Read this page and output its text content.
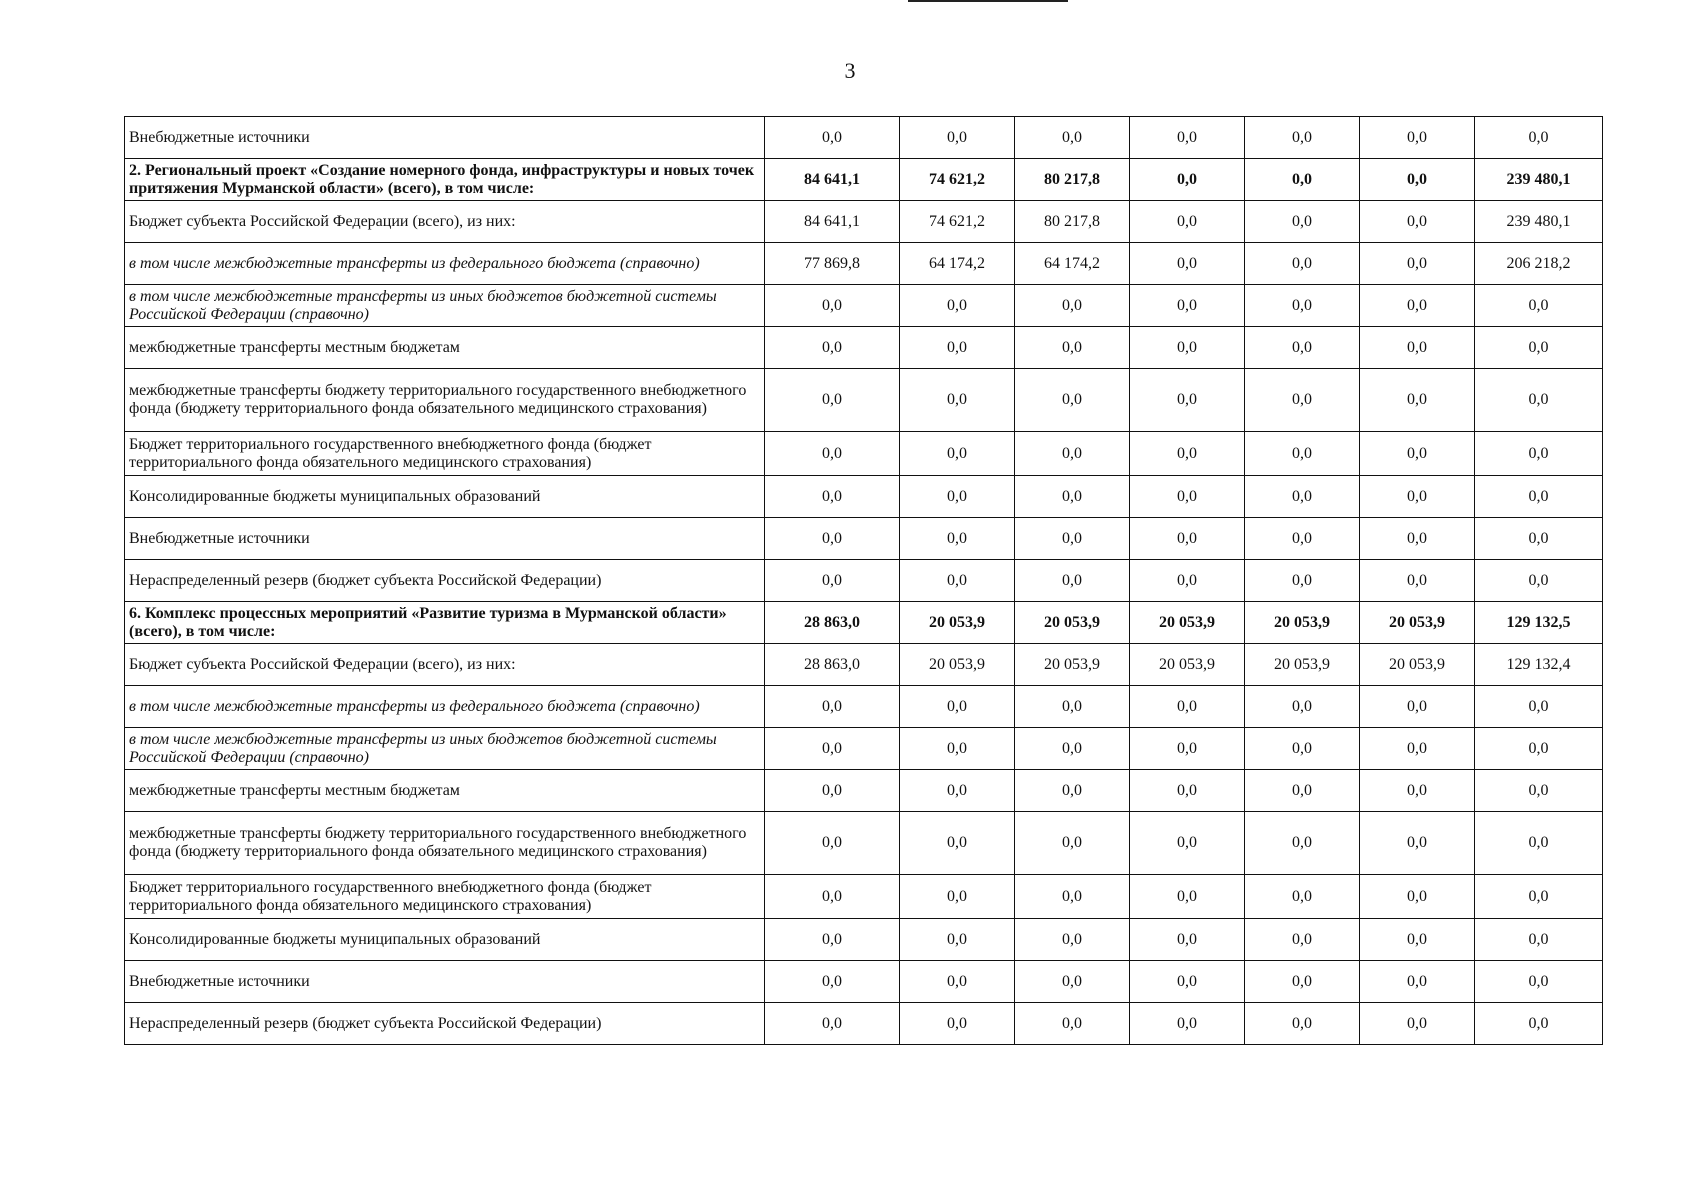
3
Внебюджетные источники	0,0	0,0	0,0	0,0	0,0	0,0	0,0
2. Региональный проект «Создание номерного фонда, инфраструктуры и новых точек притяжения Мурманской области» (всего), в том числе:	84 641,1	74 621,2	80 217,8	0,0	0,0	0,0	239 480,1
Бюджет субъекта Российской Федерации (всего), из них:	84 641,1	74 621,2	80 217,8	0,0	0,0	0,0	239 480,1
в том числе межбюджетные трансферты из федерального бюджета (справочно)	77 869,8	64 174,2	64 174,2	0,0	0,0	0,0	206 218,2
в том числе межбюджетные трансферты из иных бюджетов бюджетной системы Российской Федерации (справочно)	0,0	0,0	0,0	0,0	0,0	0,0	0,0
межбюджетные трансферты местным бюджетам	0,0	0,0	0,0	0,0	0,0	0,0	0,0
межбюджетные трансферты бюджету территориального государственного внебюджетного фонда (бюджету территориального фонда обязательного медицинского страхования)	0,0	0,0	0,0	0,0	0,0	0,0	0,0
Бюджет территориального государственного внебюджетного фонда (бюджет территориального фонда обязательного медицинского страхования)	0,0	0,0	0,0	0,0	0,0	0,0	0,0
Консолидированные бюджеты муниципальных образований	0,0	0,0	0,0	0,0	0,0	0,0	0,0
Внебюджетные источники	0,0	0,0	0,0	0,0	0,0	0,0	0,0
Нераспределенный резерв (бюджет субъекта Российской Федерации)	0,0	0,0	0,0	0,0	0,0	0,0	0,0
6. Комплекс процессных мероприятий «Развитие туризма в Мурманской области» (всего), в том числе:	28 863,0	20 053,9	20 053,9	20 053,9	20 053,9	20 053,9	129 132,5
Бюджет субъекта Российской Федерации (всего), из них:	28 863,0	20 053,9	20 053,9	20 053,9	20 053,9	20 053,9	129 132,4
в том числе межбюджетные трансферты из федерального бюджета (справочно)	0,0	0,0	0,0	0,0	0,0	0,0	0,0
в том числе межбюджетные трансферты из иных бюджетов бюджетной системы Российской Федерации (справочно)	0,0	0,0	0,0	0,0	0,0	0,0	0,0
межбюджетные трансферты местным бюджетам	0,0	0,0	0,0	0,0	0,0	0,0	0,0
межбюджетные трансферты бюджету территориального государственного внебюджетного фонда (бюджету территориального фонда обязательного медицинского страхования)	0,0	0,0	0,0	0,0	0,0	0,0	0,0
Бюджет территориального государственного внебюджетного фонда (бюджет территориального фонда обязательного медицинского страхования)	0,0	0,0	0,0	0,0	0,0	0,0	0,0
Консолидированные бюджеты муниципальных образований	0,0	0,0	0,0	0,0	0,0	0,0	0,0
Внебюджетные источники	0,0	0,0	0,0	0,0	0,0	0,0	0,0
Нераспределенный резерв (бюджет субъекта Российской Федерации)	0,0	0,0	0,0	0,0	0,0	0,0	0,0
